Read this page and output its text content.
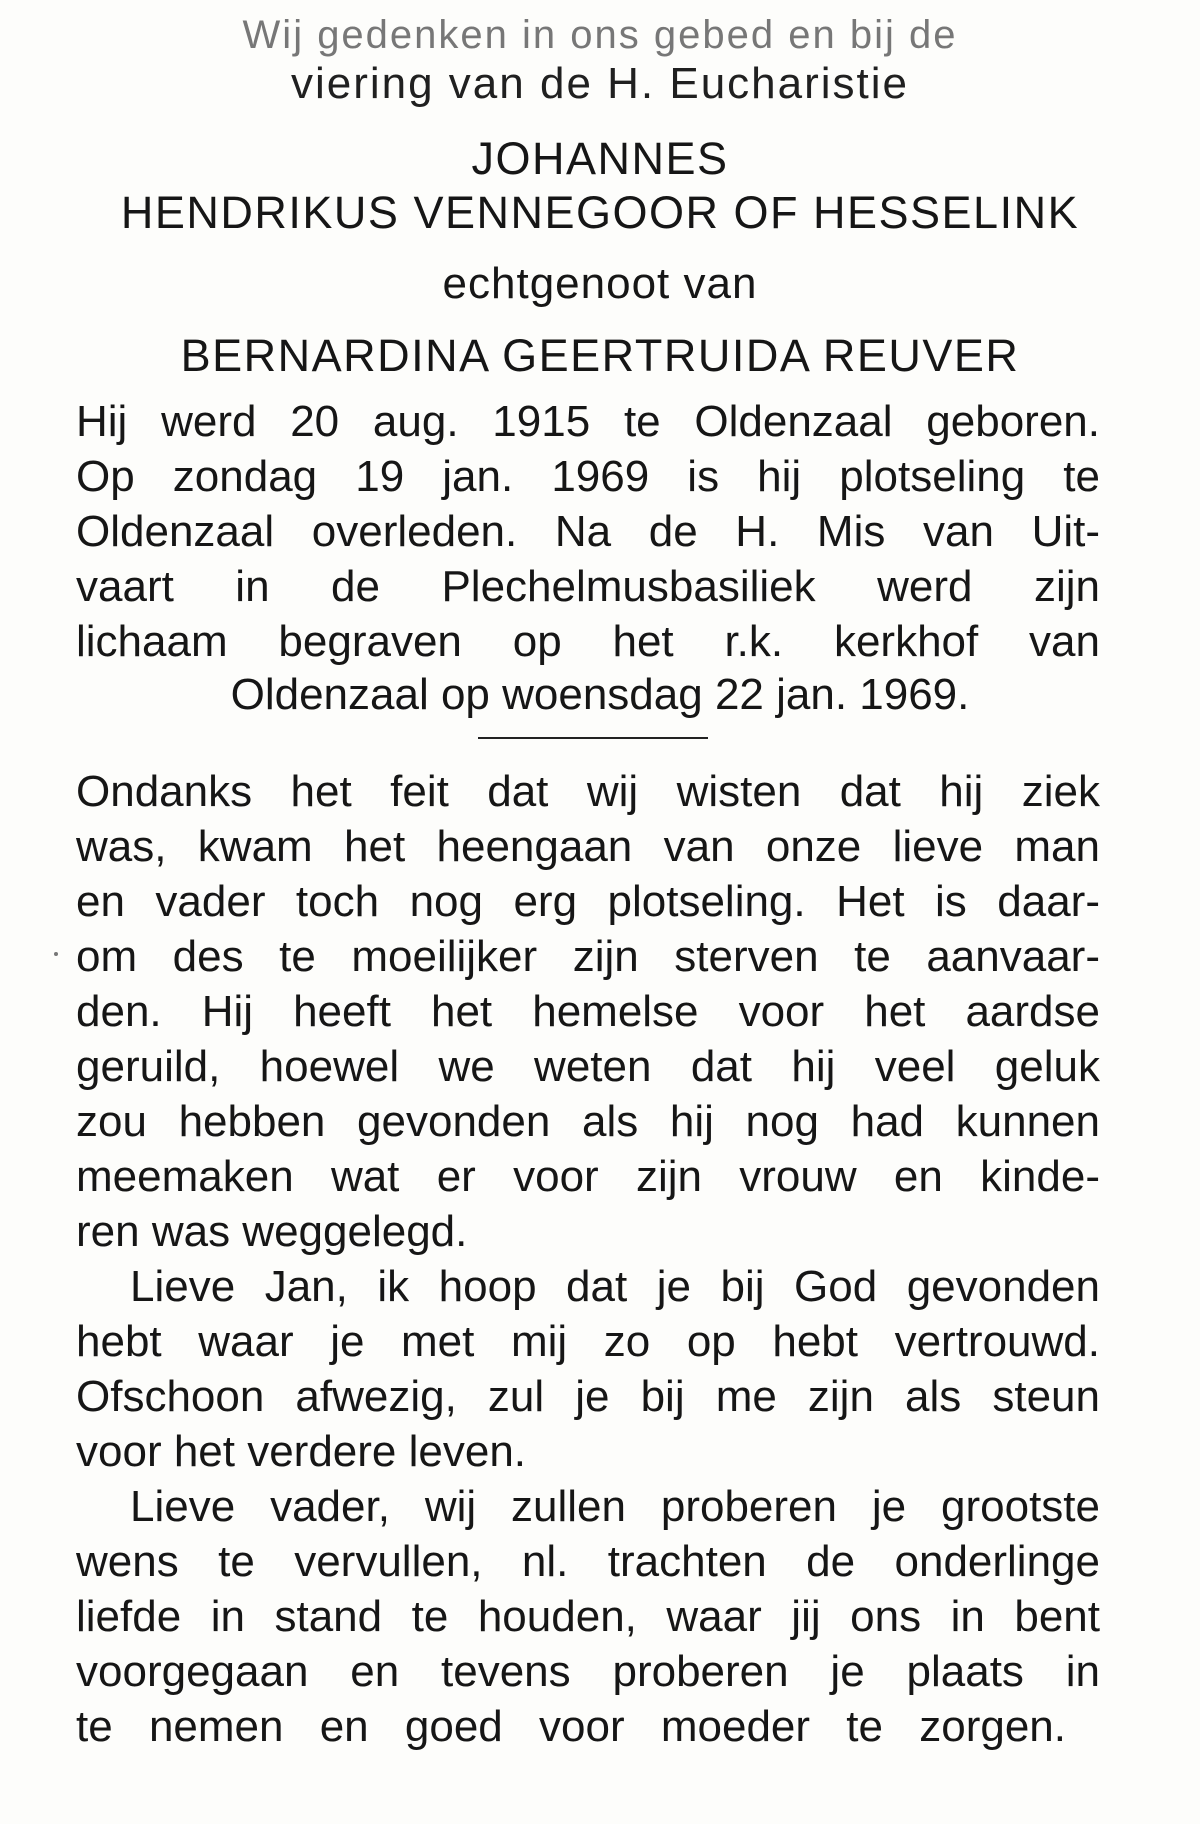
Wij gedenken in ons gebed en bij de

viering van de H. Eucharistie

JOHANNES

HENDRIKUS VENNEGOOR OF HESSELINK

echtgenoot van

BERNARDINA GEERTRUIDA REUVER

Hij werd 20 aug. 1915 te Oldenzaal geboren.

Op zondag 19 jan. 1969 is hij plotseling te

Oldenzaal overleden. Na de H. Mis van Uit-

vaart in de Plechelmusbasiliek werd zijn

lichaam begraven op het r.k. kerkhof van

Oldenzaal op woensdag 22 jan. 1969.

Ondanks het feit dat wij wisten dat hij ziek

was, kwam het heengaan van onze lieve man

en vader toch nog erg plotseling. Het is daar-

om des te moeilijker zijn sterven te aanvaar-

den. Hij heeft het hemelse voor het aardse

geruild, hoewel we weten dat hij veel geluk

zou hebben gevonden als hij nog had kunnen

meemaken wat er voor zijn vrouw en kinde-

ren was weggelegd.

Lieve Jan, ik hoop dat je bij God gevonden

hebt waar je met mij zo op hebt vertrouwd.

Ofschoon afwezig, zul je bij me zijn als steun

voor het verdere leven.

Lieve vader, wij zullen proberen je grootste

wens te vervullen, nl. trachten de onderlinge

liefde in stand te houden, waar jij ons in bent

voorgegaan en tevens proberen je plaats in

te nemen en goed voor moeder te zorgen.
